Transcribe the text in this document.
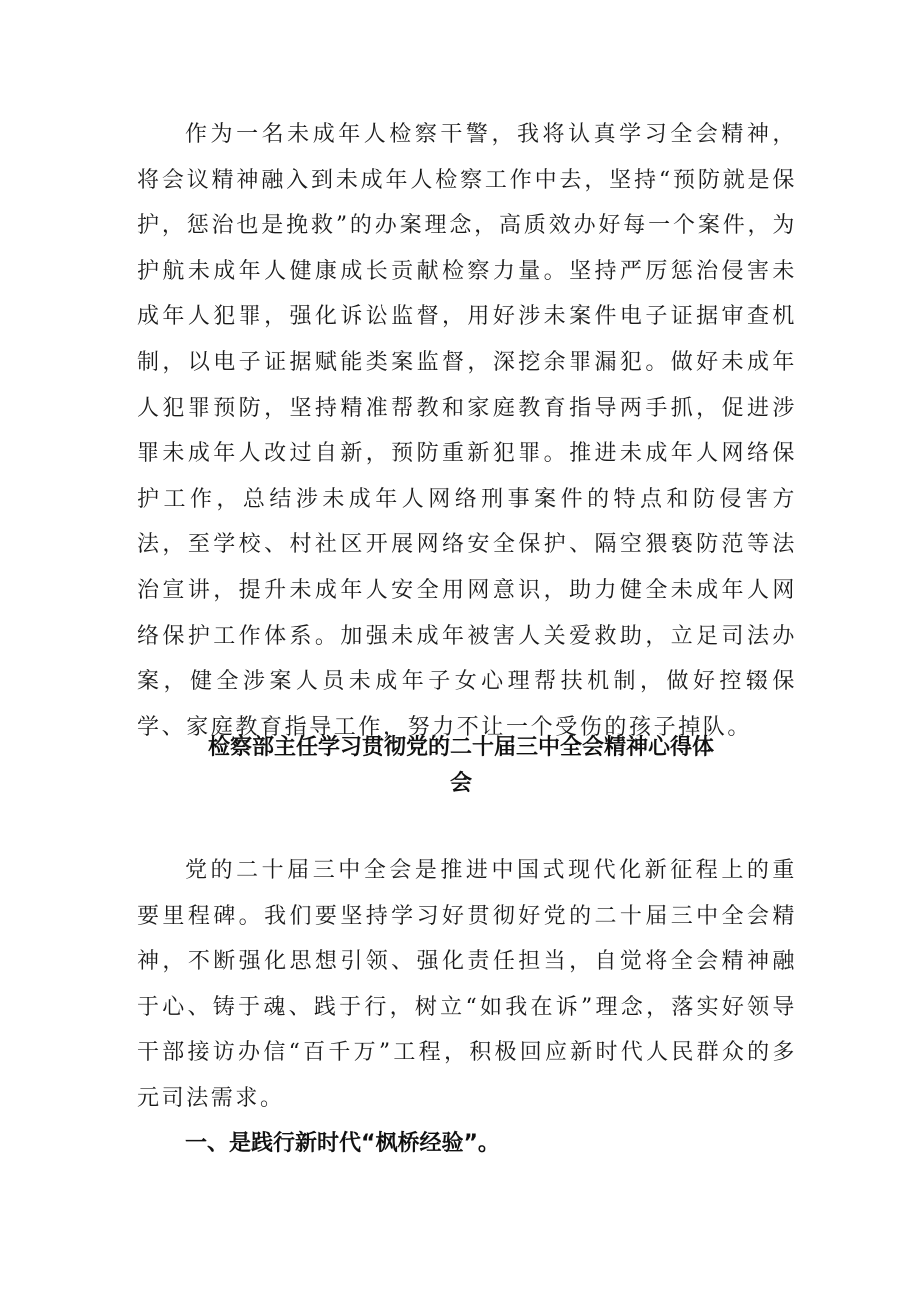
作为一名未成年人检察干警，我将认真学习全会精神，将会议精神融入到未成年人检察工作中去，坚持“预防就是保护，惩治也是挽救”的办案理念，高质效办好每一个案件，为护航未成年人健康成长贡献检察力量。坚持严厉惩治侵害未成年人犯罪，强化诉讼监督，用好涉未案件电子证据审查机制，以电子证据赋能类案监督，深挖余罪漏犯。做好未成年人犯罪预防，坚持精准帮教和家庭教育指导两手抓，促进涉罪未成年人改过自新，预防重新犯罪。推进未成年人网络保护工作，总结涉未成年人网络刑事案件的特点和防侵害方法，至学校、村社区开展网络安全保护、隔空猥亵防范等法治宣讲，提升未成年人安全用网意识，助力健全未成年人网络保护工作体系。加强未成年被害人关爱救助，立足司法办案，健全涉案人员未成年子女心理帮扶机制，做好控辍保学、家庭教育指导工作，努力不让一个受伤的孩子掉队。

检察部主任学习贯彻党的二十届三中全会精神心得体
会

党的二十届三中全会是推进中国式现代化新征程上的重要里程碑。我们要坚持学习好贯彻好党的二十届三中全会精神，不断强化思想引领、强化责任担当，自觉将全会精神融于心、铸于魂、践于行，树立“如我在诉”理念，落实好领导干部接访办信“百千万”工程，积极回应新时代人民群众的多元司法需求。

一、是践行新时代“枫桥经验”。
